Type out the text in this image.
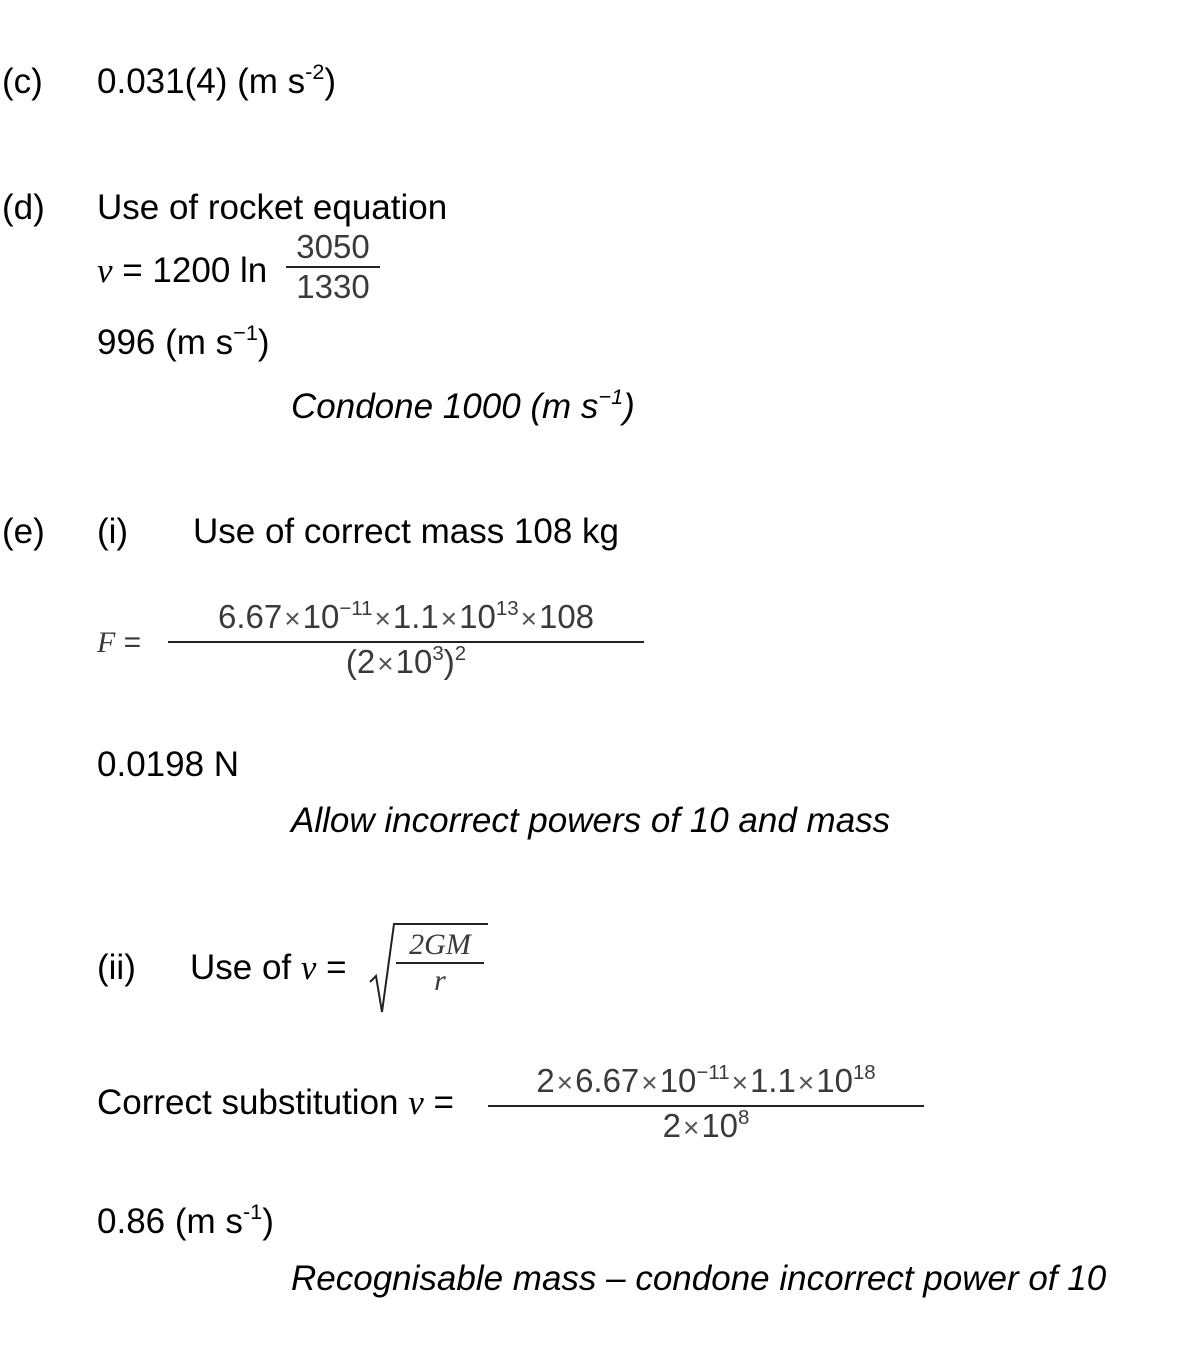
(c) 0.031(4) (m $s^{-2}$)
(d) Use of rocket equation
v = 1200 ln
3050
1330
996 (m $s^{-1}$)
Condone 1000 (m $s^{-1}$)
(e) (i) Use of correct mass 108 kg
F =
$6.67\times 10^{-11}\times 1.1\times 10^{13}\times 108$
$(2\times 10^3)^2$
0.0198 N
Allow incorrect powers of 10 and mass
(ii) Use of v =
2GM
r
Correct substitution v =
$2\times 6.67\times 10^{-11}\times 1.1\times 10^{18}$
$2\times 10^8$
0.86 (m $s^{-1}$)
Recognisable mass – condone incorrect power of 10
